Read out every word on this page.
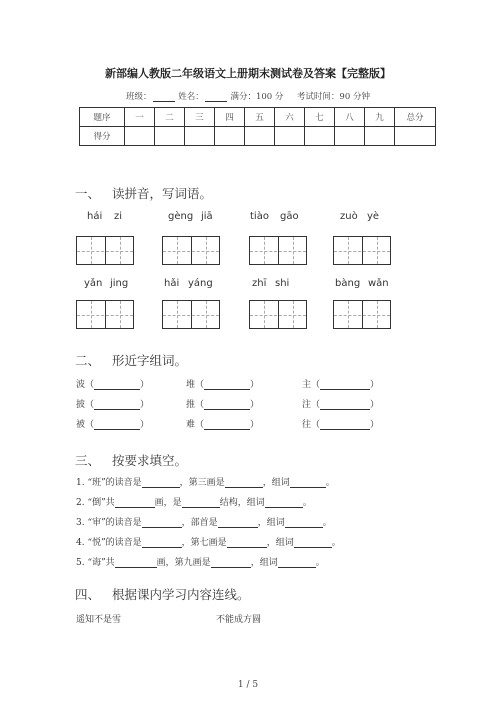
新部编人教版二年级语文上册期末测试卷及答案【完整版】
班级：	姓名：	满分：100 分 考试时间：90 分钟
题序	一	二	三	四	五	六	七	八	九	总分
得分										
一、 读拼音，写词语。
hái zi	gèng jiā	tiào gāo	zuò yè
yǎn jing	hǎi yáng	zhī shi	bàng wǎn
二、 形近字组词。
波（	）	堆（	）	主（	）
披（	）	推（	）	注（	）
被（	）	难（	）	往（	）
三、 按要求填空。
1. “班”的读音是	，第三画是	，组词	。
2. “倒”共	画，是	结构，组词	。
3. “审”的读音是	，部首是	，组词	。
4. “悦”的读音是	，第七画是	，组词	。
5. “诲”共	画，第九画是	，组词	。
四、 根据课内学习内容连线。
遥知不是雪	不能成方圆
1 / 5
